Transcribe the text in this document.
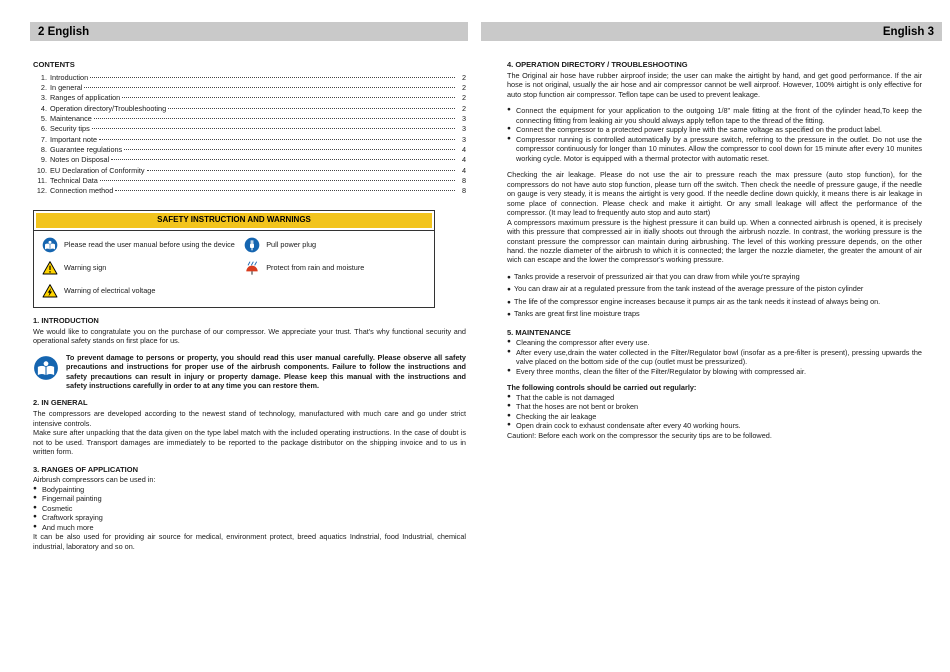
2 English	English 3
CONTENTS
1. Introduction	2
2. In general	2
3. Ranges of application	2
4. Operation directory/Troubleshooting	2
5. Maintenance	3
6. Security tips	3
7. Important note	3
8. Guarantee regulations	4
9. Notes on Disposal	4
10. EU Declaration of Conformity	4
11. Technical Data	8
12. Connection method	8
SAFETY INSTRUCTION AND WARNINGS
Please read the user manual before using the device
Warning sign
Warning of electrical voltage
Pull power plug
Protect from rain and moisture
1. INTRODUCTION

We would like to congratulate you on the purchase of our compressor. We appreciate your trust. That's why functional security and operational safety stands on first place for us.

To prevent damage to persons or property, you should read this user manual carefully. Please observe all safety precautions and instructions for proper use of the airbrush components. Failure to follow the instructions and safety precautions can result in injury or property damage. Please keep this manual with the instructions and safety instructions carefully in order to at any time you can restore them.

2. IN GENERAL

The compressors are developed according to the newest stand of technology, manufactured with much care and go under strict intensive controls.

Make sure after unpacking that the data given on the type label match with the included operating instructions. In the case of doubt is not to be used. Transport damages are immediately to be reported to the package distributor on the shipping invoice and to us in written form.

3. RANGES OF APPLICATION

Airbrush compressors can be used in:

● Bodypainting
● Fingernail painting
● Cosmetic
● Craftwork spraying
● And much more

It can be also used for providing air source for medical, environment protect, breed aquatics Indnstrial, food Industrial, chemical industrial, laboratory and so on.

4. OPERATION DIRECTORY / TROUBLESHOOTING

The Original air hose have rubber airproof inside; the user can make the airtight by hand, and get good performance. If the air hose is not original, usually the air hose and air compressor cannot be well airproof. However, 100% airtight is only effective for auto stop function air compressor. Teflon tape can be used to prevent leakage.

● Connect the equipment for your application to the outgoing 1/8" male fitting at the front of the cylinder head,To keep the connecting fitting from leaking air you should always apply teflon tape to the thread of the fitting.
● Connect the compressor to a protected power supply line with the same voltage as specified on the product label.
● Compressor running is controlled automatically by a pressure switch, referring to the pressure in the outlet. Do not use the compressor continuously for longer than 10 minutes. Allow the compressor to cool down for 15 minute after every 10 munites working cycle. Motor is equipped with a thermal protector with automatic reset.

Checking the air leakage. Please do not use the air to pressure reach the max pressure (auto stop function), for the compressors do not have auto stop function, please turn off the switch. Then check the needle of pressure gauge, if the needle on gauge is very steady, it is means the airtight is very good. If the needle decline down quickly, it means there is air leakage in some place of connection. Please check and make it airtight. Or any small leakage will affect the performance of the compressor. (It may lead to frequently auto stop and auto start)

A compressors maximum pressure is the highest pressure it can build up. When a connected airbrush is opened, it is precisely with this pressure that compressed air in itially shoots out through the airbrush nozzle. In contrast, the working pressure is the constant pressure the compressor can maintain during airbrushing. The level of this working pressure depends, on the other hand. the nozzle diameter of the airbrush to which it is connected; the larger the nozzle diameter, the greater the amount of air wich can escape and the lower the compressor's working pressure.

● Tanks provide a reservoir of pressurized air that you can draw from while you're spraying
● You can draw air at a regulated pressure from the tank instead of the average pressure of the piston cylinder
● The life of the compressor engine increases because it pumps air as the tank needs it instead of always being on.
● Tanks are great first line moisture traps
5. MAINTENANCE
● Cleaning the compressor after every use.
● After every use,drain the water collected in the Filter/Regulator bowl (insofar as a pre-filter is present), pressing upwards the valve placed on the bottom side of the cup (outlet must be pressurized).
● Every three months, clean the filter of the Filter/Regulator by blowing with compressed air.

The following controls should be carried out regularly:

● That the cable is not damaged
● That the hoses are not bent or broken
● Checking the air leakage
● Open drain cock to exhaust condensate after every 40 working hours.

Caution!: Before each work on the compressor the security tips are to be followed.
